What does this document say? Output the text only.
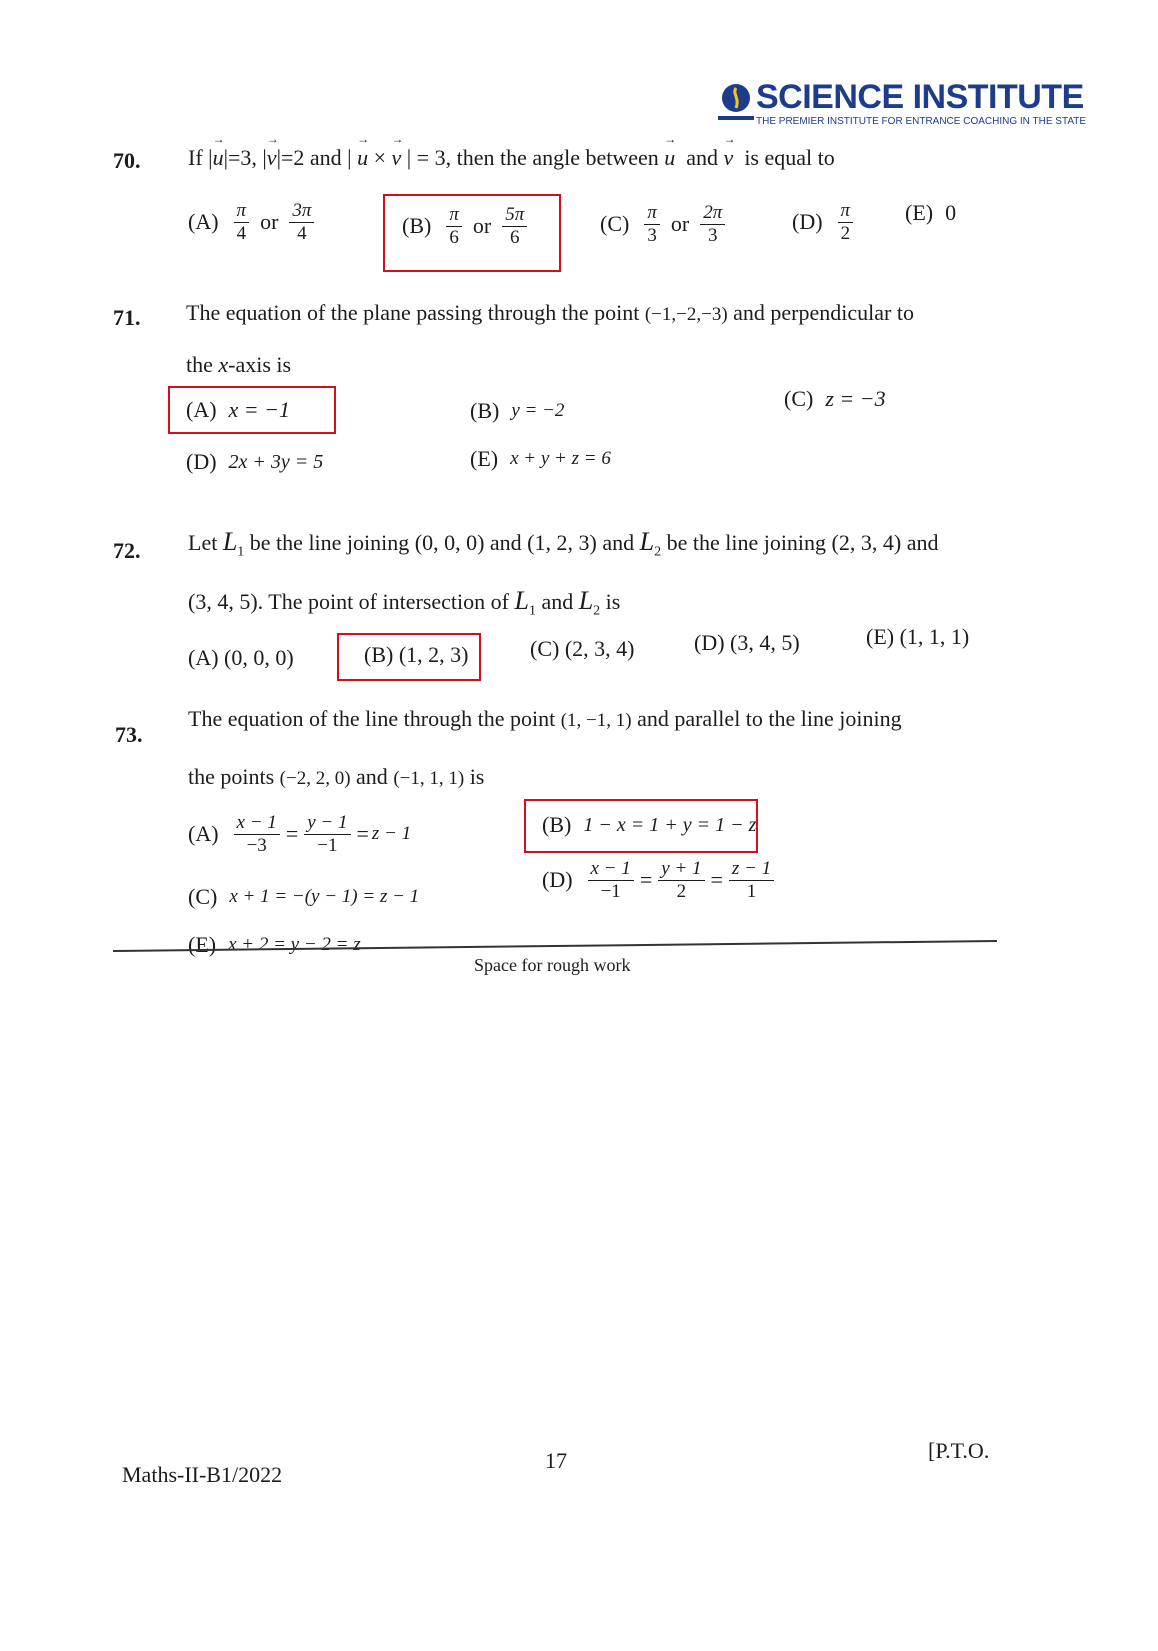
SCIENCE INSTITUTE
THE PREMIER INSTITUTE FOR ENTRANCE COACHING IN THE STATE
70. If |→ u|=3, |→ v|=2 and | → u × → v | = 3, then the angle between → u and → v is equal to
$(A) \frac{\pi}{4}$ or $\frac{3\pi}{4}$	$(B) \frac{\pi}{6}$ or $\frac{5\pi}{6}$	$(C) \frac{\pi}{3}$ or $\frac{2\pi}{3}$	$(D) \frac{\pi}{2} (E)$ 0
71. The equation of the plane passing through the point (−1,−2,−3) and perpendicular to
the x-axis is
(A) x = −1	(B) y = −2	(C) z = −3
(D) 2x + 3y = 5	(E) x + y + z = 6
72. Let $L_1$ be the line joining (0, 0, 0) and (1, 2, 3) and $L_2$ be the line joining (2, 3, 4) and
(3, 4, 5). The point of intersection of $L_1$ and $L_2$ is
(A) (0, 0, 0)	(B) (1, 2, 3)	(C) (2, 3, 4)	(D) (3, 4, 5)	(E) (1, 1, 1)
73.
The equation of the line through the point (1, −1, 1) and parallel to the line joining
the points (−2, 2, 0) and (−1, 1, 1) is
$(A) \frac{x - 1}{-3} = \frac{y - 1}{-1} = z - 1$	(B) 1 − x = 1 + y = 1 − z
(C) x + 1 = −(y − 1) = z − 1
$(D) \frac{x - 1}{-1} = \frac{y + 1}{2} = \frac{z - 1}{1}$
(E) x + 2 = y − 2 = z
Space for rough work
Maths-II-B1/2022
17	[P.T.O.
